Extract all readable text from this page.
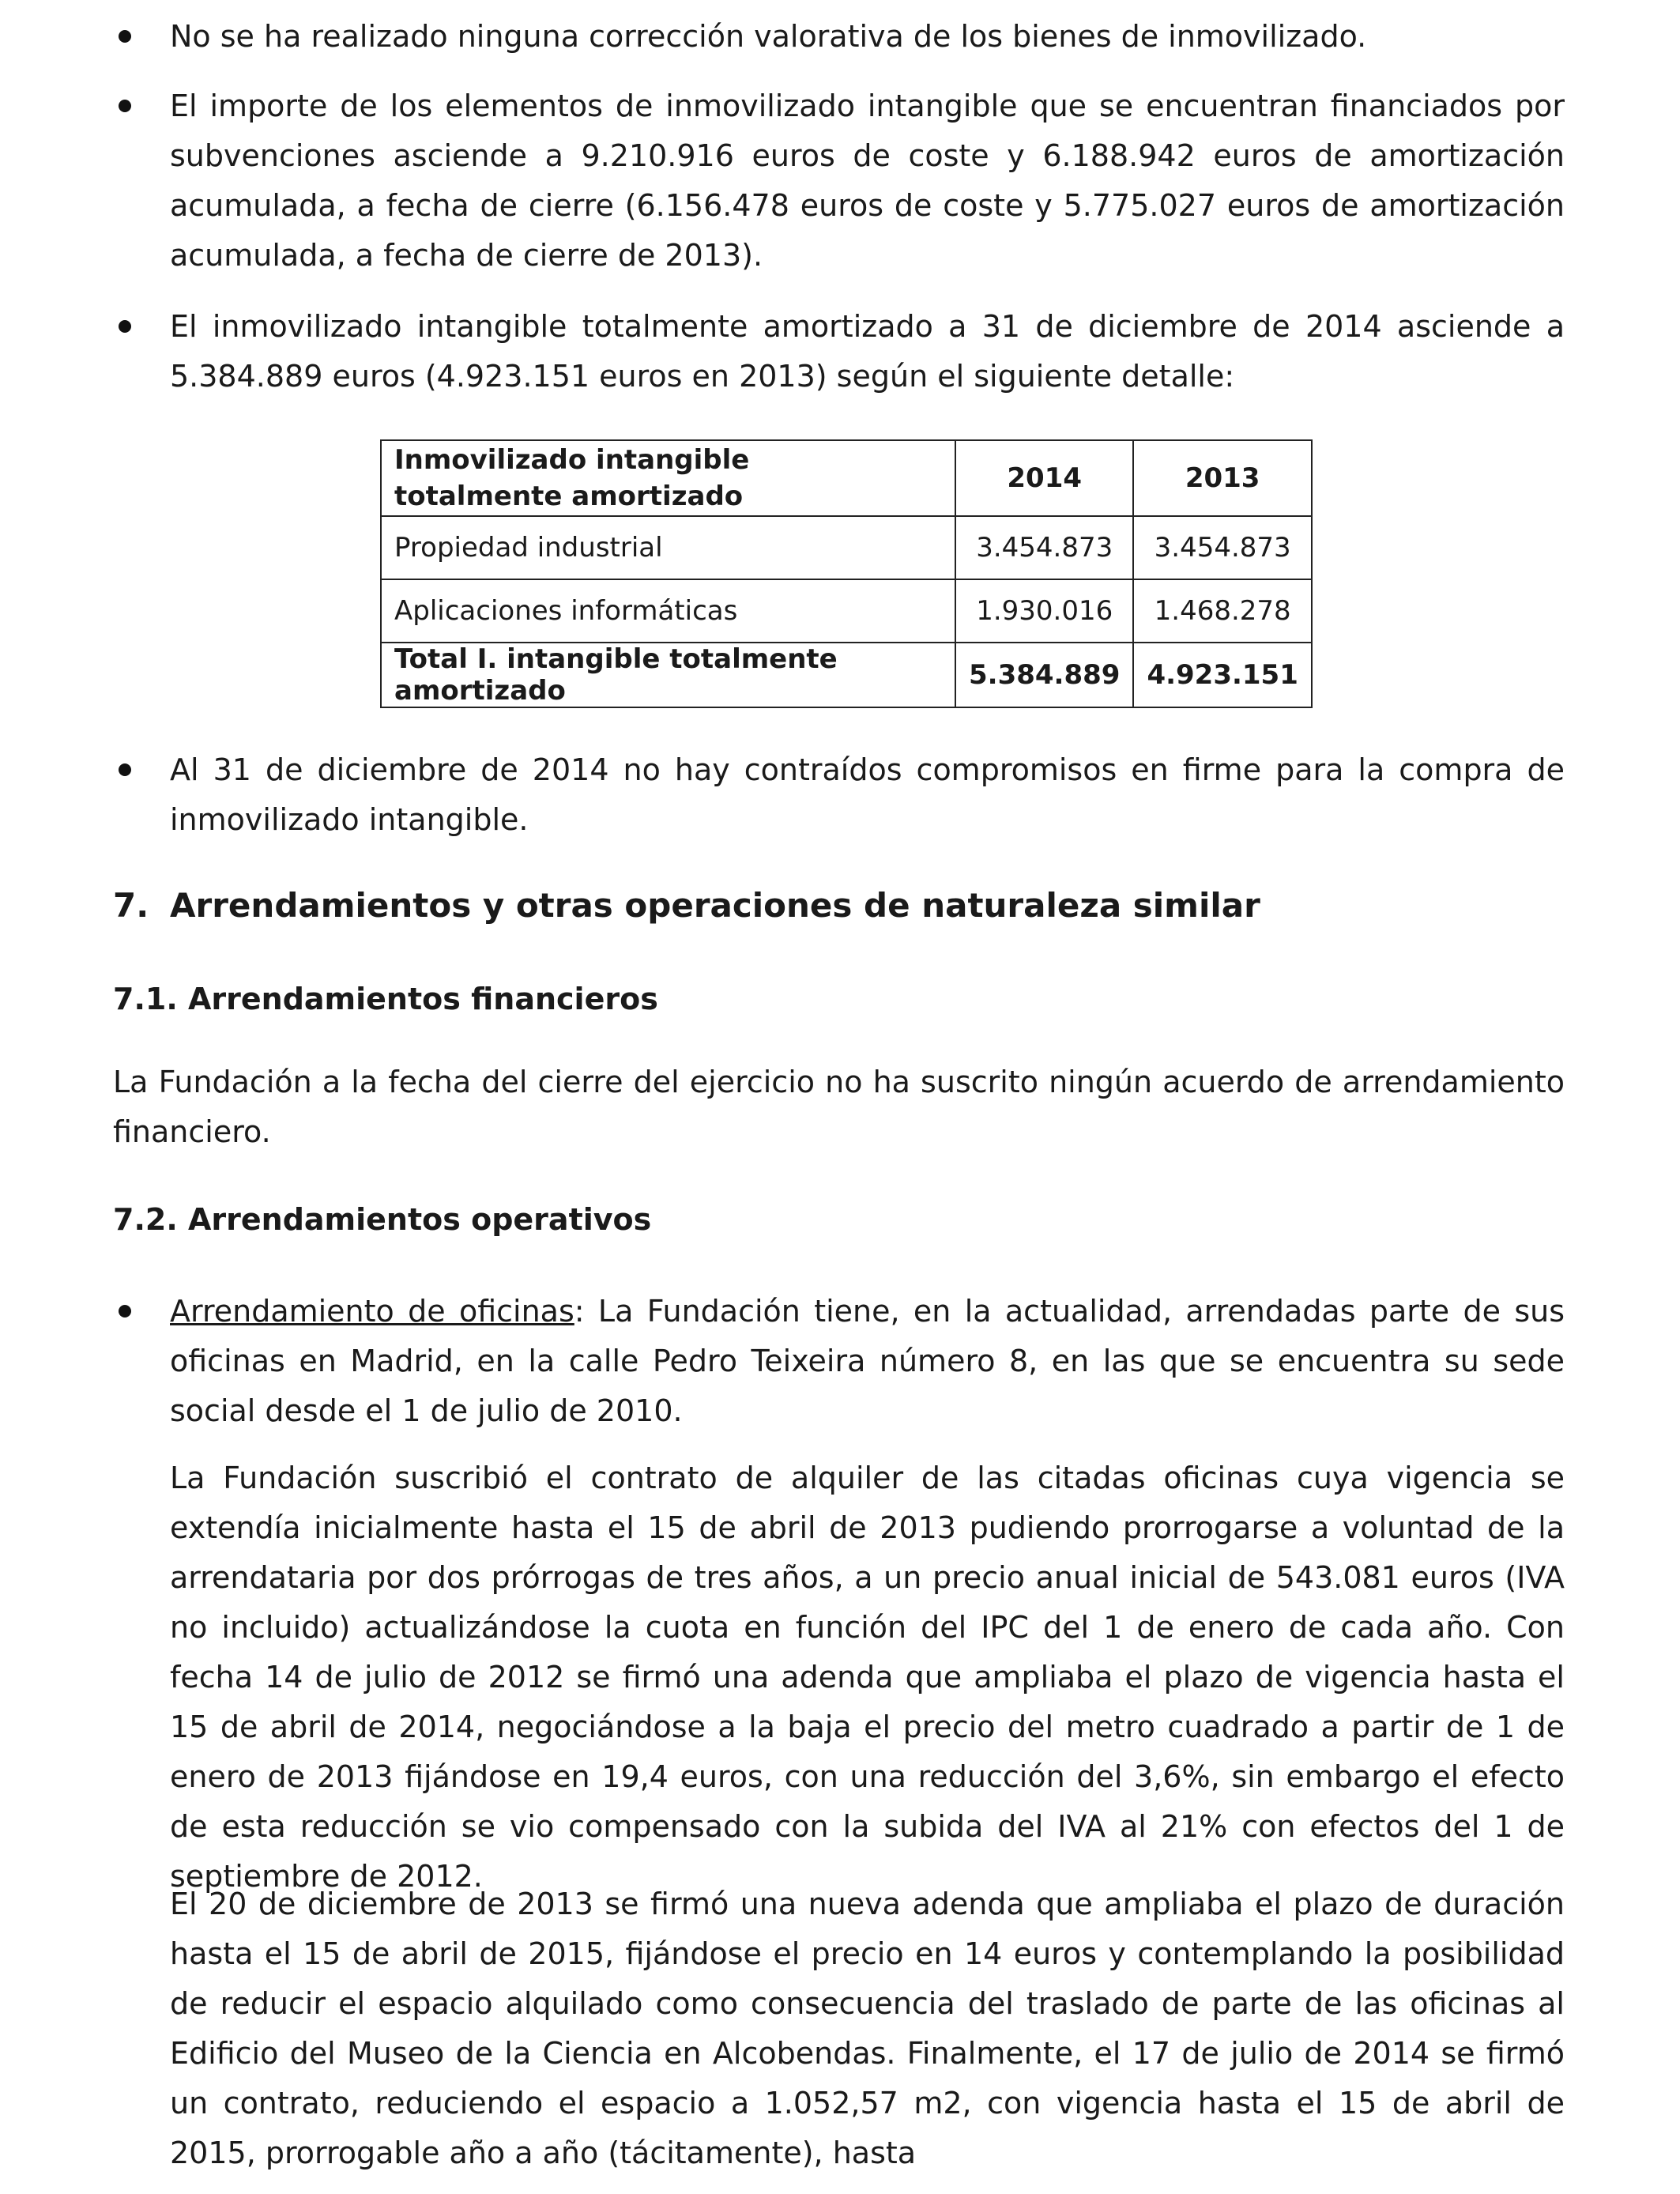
No se ha realizado ninguna corrección valorativa de los bienes de inmovilizado.
El importe de los elementos de inmovilizado intangible que se encuentran financiados por subvenciones asciende a 9.210.916 euros de coste y 6.188.942 euros de amortización acumulada, a fecha de cierre (6.156.478 euros de coste y 5.775.027 euros de amortización acumulada, a fecha de cierre de 2013).
El inmovilizado intangible totalmente amortizado a 31 de diciembre de 2014 asciende a 5.384.889 euros (4.923.151 euros en 2013) según el siguiente detalle:
Inmovilizado intangible
totalmente amortizado	2014	2013
Propiedad industrial	3.454.873	3.454.873
Aplicaciones informáticas	1.930.016	1.468.278
Total I. intangible totalmente amortizado	5.384.889	4.923.151
Al 31 de diciembre de 2014 no hay contraídos compromisos en firme para la compra de inmovilizado intangible.
7. Arrendamientos y otras operaciones de naturaleza similar
7.1. Arrendamientos financieros
La Fundación a la fecha del cierre del ejercicio no ha suscrito ningún acuerdo de arrendamiento financiero.
7.2. Arrendamientos operativos
Arrendamiento de oficinas: La Fundación tiene, en la actualidad, arrendadas parte de sus oficinas en Madrid, en la calle Pedro Teixeira número 8, en las que se encuentra su sede social desde el 1 de julio de 2010.
La Fundación suscribió el contrato de alquiler de las citadas oficinas cuya vigencia se extendía inicialmente hasta el 15 de abril de 2013 pudiendo prorrogarse a voluntad de la arrendataria por dos prórrogas de tres años, a un precio anual inicial de 543.081 euros (IVA no incluido) actualizándose la cuota en función del IPC del 1 de enero de cada año. Con fecha 14 de julio de 2012 se firmó una adenda que ampliaba el plazo de vigencia hasta el 15 de abril de 2014, negociándose a la baja el precio del metro cuadrado a partir de 1 de enero de 2013 fijándose en 19,4 euros, con una reducción del 3,6%, sin embargo el efecto de esta reducción se vio compensado con la subida del IVA al 21% con efectos del 1 de septiembre de 2012.
El 20 de diciembre de 2013 se firmó una nueva adenda que ampliaba el plazo de duración hasta el 15 de abril de 2015, fijándose el precio en 14 euros y contemplando la posibilidad de reducir el espacio alquilado como consecuencia del traslado de parte de las oficinas al Edificio del Museo de la Ciencia en Alcobendas. Finalmente, el 17 de julio de 2014 se firmó un contrato, reduciendo el espacio a 1.052,57 m2, con vigencia hasta el 15 de abril de 2015, prorrogable año a año (tácitamente), hasta
